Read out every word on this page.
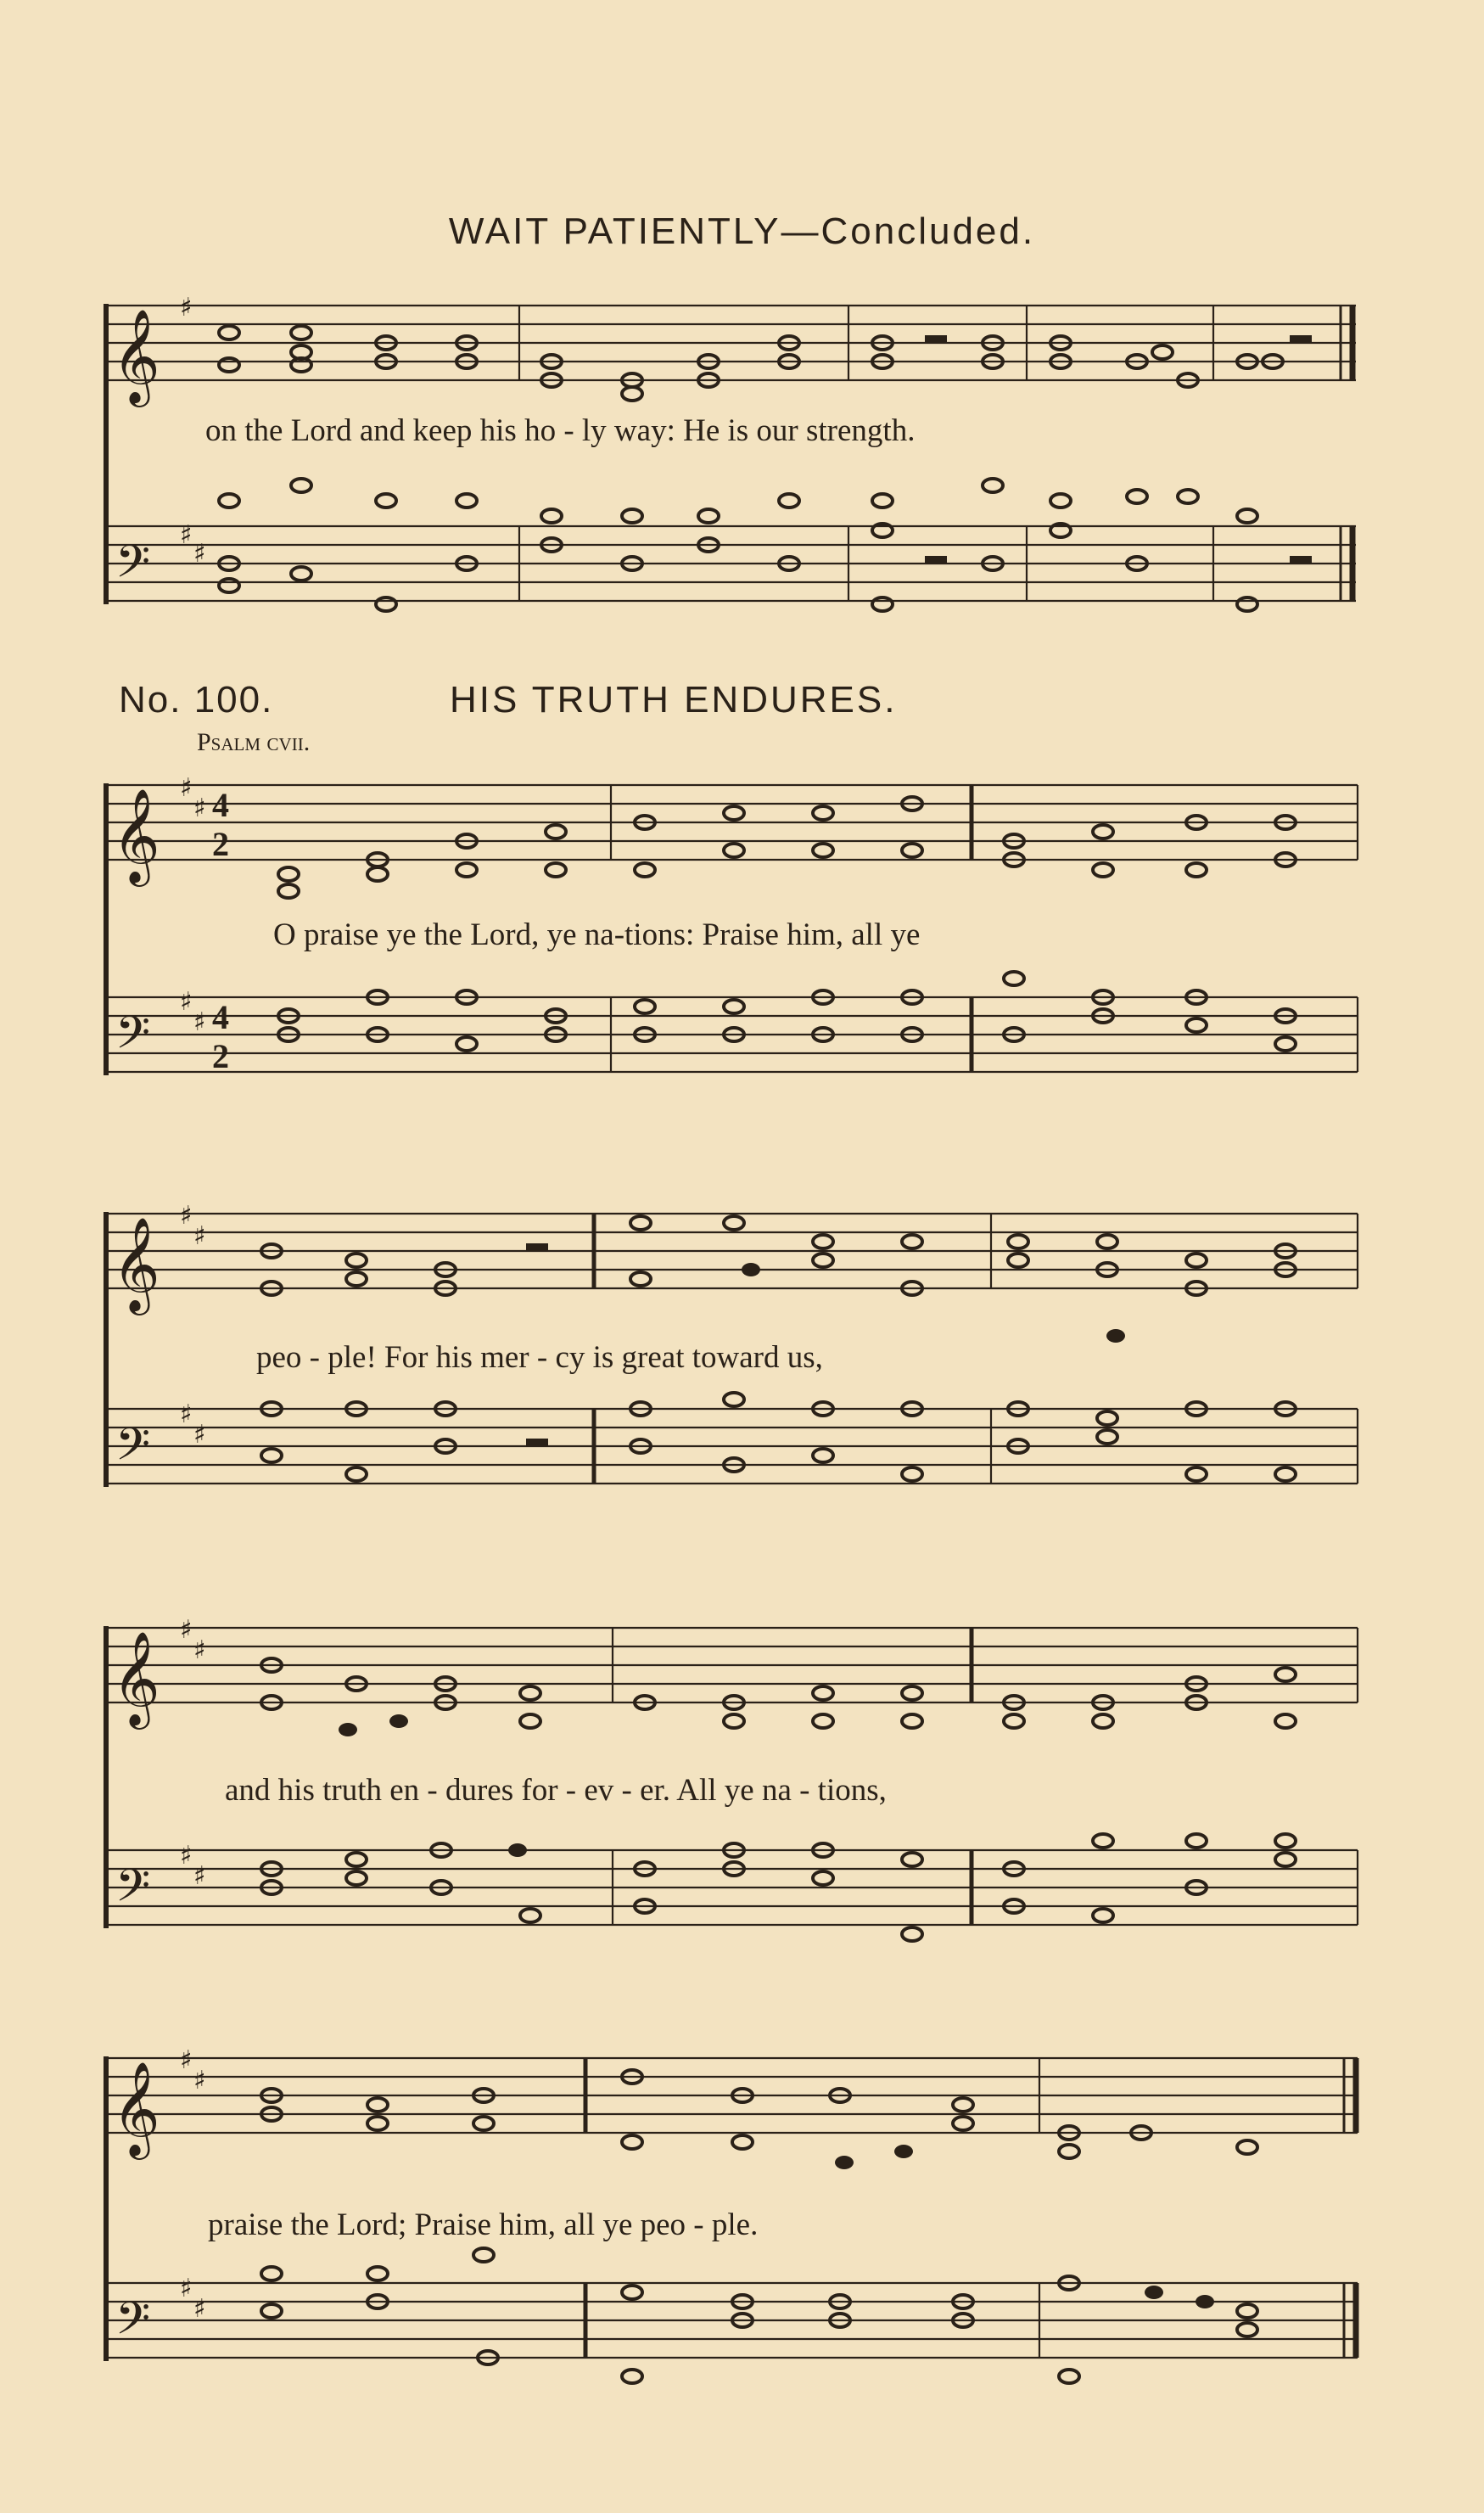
WAIT PATIENTLY—Concluded.
𝄞
𝄞
𝄞
𝄞
𝄞
𝄢
𝄢
𝄢
𝄢
𝄢
♯
♯
♯
♯
♯
♯
♯
♯
♯
♯
♯
♯
♯
♯
♯
♯
♯
♯
♯
4
2
4
2
No. 100.	HIS TRUTH ENDURES.
Psalm cvii.
on the Lord and keep his ho - ly way: He is our strength.
O praise ye the Lord, ye na-tions: Praise him, all ye
peo - ple! For his mer - cy is great toward us,
and his truth en - dures for - ev - er. All ye na - tions,
praise the Lord; Praise him, all ye peo - ple.
